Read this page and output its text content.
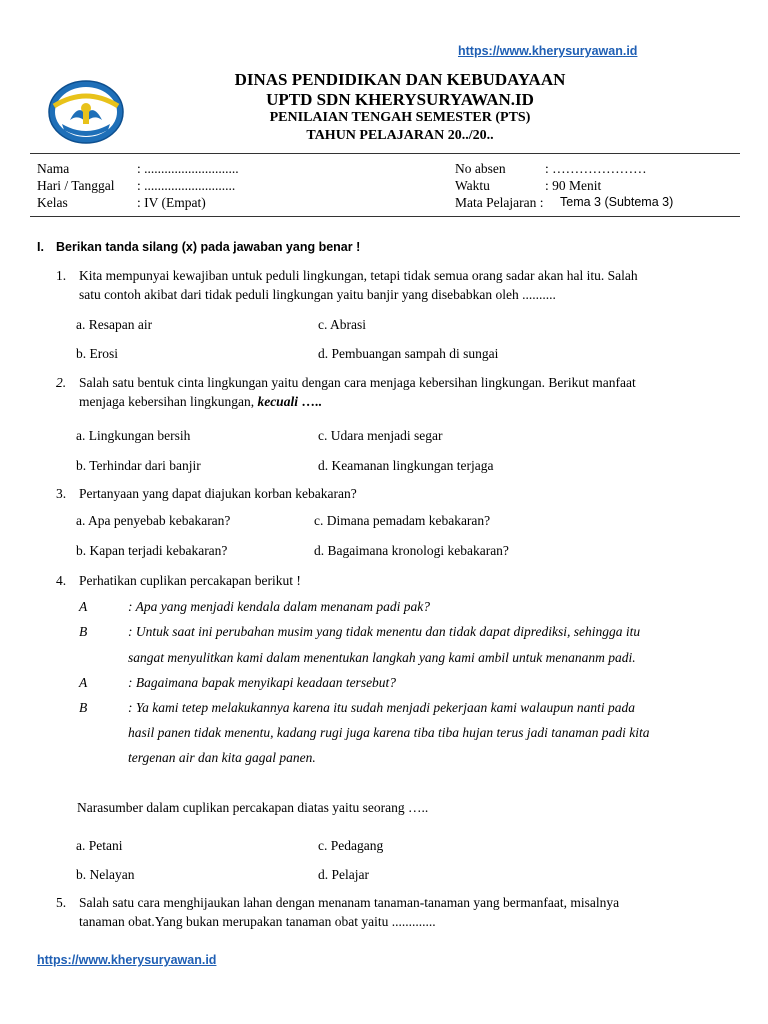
https://www.kherysuryawan.id
DINAS PENDIDIKAN DAN KEBUDAYAAN
UPTD SDN KHERYSURYAWAN.ID
PENILAIAN TENGAH SEMESTER (PTS)
TAHUN PELAJARAN 20../20..
Nama	: ............................
Hari / Tanggal : ...........................
Kelas	: IV (Empat)
No absen	: …………………
Waktu	: 90 Menit
Mata Pelajaran : Tema 3 (Subtema 3)
I. Berikan tanda silang (x) pada jawaban yang benar !
1. Kita mempunyai kewajiban untuk peduli lingkungan, tetapi tidak semua orang sadar akan hal itu. Salah
satu contoh akibat dari tidak peduli lingkungan yaitu banjir yang disebabkan oleh ..........
a. Resapan air	c. Abrasi
b. Erosi	d. Pembuangan sampah di sungai
2. Salah satu bentuk cinta lingkungan yaitu dengan cara menjaga kebersihan lingkungan. Berikut manfaat
menjaga kebersihan lingkungan, kecuali …..
a. Lingkungan bersih	c. Udara menjadi segar
b. Terhindar dari banjir	d. Keamanan lingkungan terjaga
3. Pertanyaan yang dapat diajukan korban kebakaran?
a. Apa penyebab kebakaran?	c. Dimana pemadam kebakaran?
b. Kapan terjadi kebakaran?	d. Bagaimana kronologi kebakaran?
4. Perhatikan cuplikan percakapan berikut !
A	: Apa yang menjadi kendala dalam menanam padi pak?
B	: Untuk saat ini perubahan musim yang tidak menentu dan tidak dapat diprediksi, sehingga itu
sangat menyulitkan kami dalam menentukan langkah yang kami ambil untuk menananm padi.
A	: Bagaimana bapak menyikapi keadaan tersebut?
B	: Ya kami tetep melakukannya karena itu sudah menjadi pekerjaan kami walaupun nanti pada
hasil panen tidak menentu, kadang rugi juga karena tiba tiba hujan terus jadi tanaman padi kita
tergenan air dan kita gagal panen.
Narasumber dalam cuplikan percakapan diatas yaitu seorang …..
a. Petani	c. Pedagang
b. Nelayan	d. Pelajar
5. Salah satu cara menghijaukan lahan dengan menanam tanaman-tanaman yang bermanfaat, misalnya
tanaman obat.Yang bukan merupakan tanaman obat yaitu .............
https://www.kherysuryawan.id
